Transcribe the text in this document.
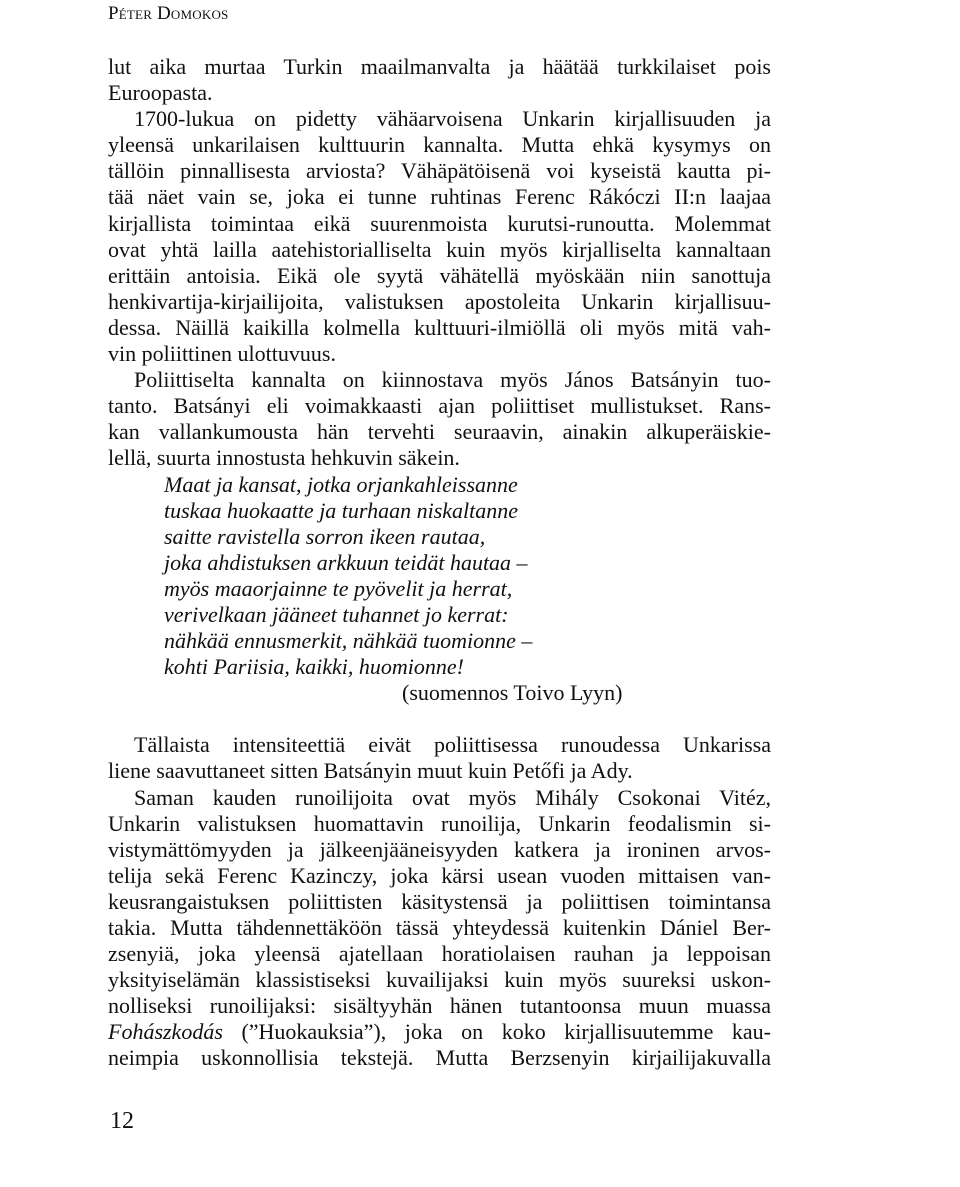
Péter Domokos
lut aika murtaa Turkin maailmanvalta ja häätää turkkilaiset pois
Euroopasta.
1700-lukua on pidetty vähäarvoisena Unkarin kirjallisuuden ja
yleensä unkarilaisen kulttuurin kannalta. Mutta ehkä kysymys on
tällöin pinnallisesta arviosta? Vähäpätöisenä voi kyseistä kautta pi-
tää näet vain se, joka ei tunne ruhtinas Ferenc Rákóczi II:n laajaa
kirjallista toimintaa eikä suurenmoista kurutsi-runoutta. Molemmat
ovat yhtä lailla aatehistorialliselta kuin myös kirjalliselta kannaltaan
erittäin antoisia. Eikä ole syytä vähätellä myöskään niin sanottuja
henkivartija-kirjailijoita, valistuksen apostoleita Unkarin kirjallisuu-
dessa. Näillä kaikilla kolmella kulttuuri-ilmiöllä oli myös mitä vah-
vin poliittinen ulottuvuus.
Poliittiselta kannalta on kiinnostava myös János Batsányin tuo-
tanto. Batsányi eli voimakkaasti ajan poliittiset mullistukset. Rans-
kan vallankumousta hän tervehti seuraavin, ainakin alkuperäiskie-
lellä, suurta innostusta hehkuvin säkein.
Maat ja kansat, jotka orjankahleissanne
tuskaa huokaatte ja turhaan niskaltanne
saitte ravistella sorron ikeen rautaa,
joka ahdistuksen arkkuun teidät hautaa –
myös maaorjainne te pyövelit ja herrat,
verivelkaan jääneet tuhannet jo kerrat:
nähkää ennusmerkit, nähkää tuomionne –
kohti Pariisia, kaikki, huomionne!
(suomennos Toivo Lyyn)
Tällaista intensiteettiä eivät poliittisessa runoudessa Unkarissa
liene saavuttaneet sitten Batsányin muut kuin Petőfi ja Ady.
Saman kauden runoilijoita ovat myös Mihály Csokonai Vitéz,
Unkarin valistuksen huomattavin runoilija, Unkarin feodalismin si-
vistymättömyyden ja jälkeenjääneisyyden katkera ja ironinen arvos-
telija sekä Ferenc Kazinczy, joka kärsi usean vuoden mittaisen van-
keusrangaistuksen poliittisten käsitystensä ja poliittisen toimintansa
takia. Mutta tähdennettäköön tässä yhteydessä kuitenkin Dániel Ber-
zsenyiä, joka yleensä ajatellaan horatiolaisen rauhan ja leppoisan
yksityiselämän klassistiseksi kuvailijaksi kuin myös suureksi uskon-
nolliseksi runoilijaksi: sisältyyhän hänen tutantoonsa muun muassa
Fohászkodás (”Huokauksia”), joka on koko kirjallisuutemme kau-
neimpia uskonnollisia tekstejä. Mutta Berzsenyin kirjailijakuvalla
12
